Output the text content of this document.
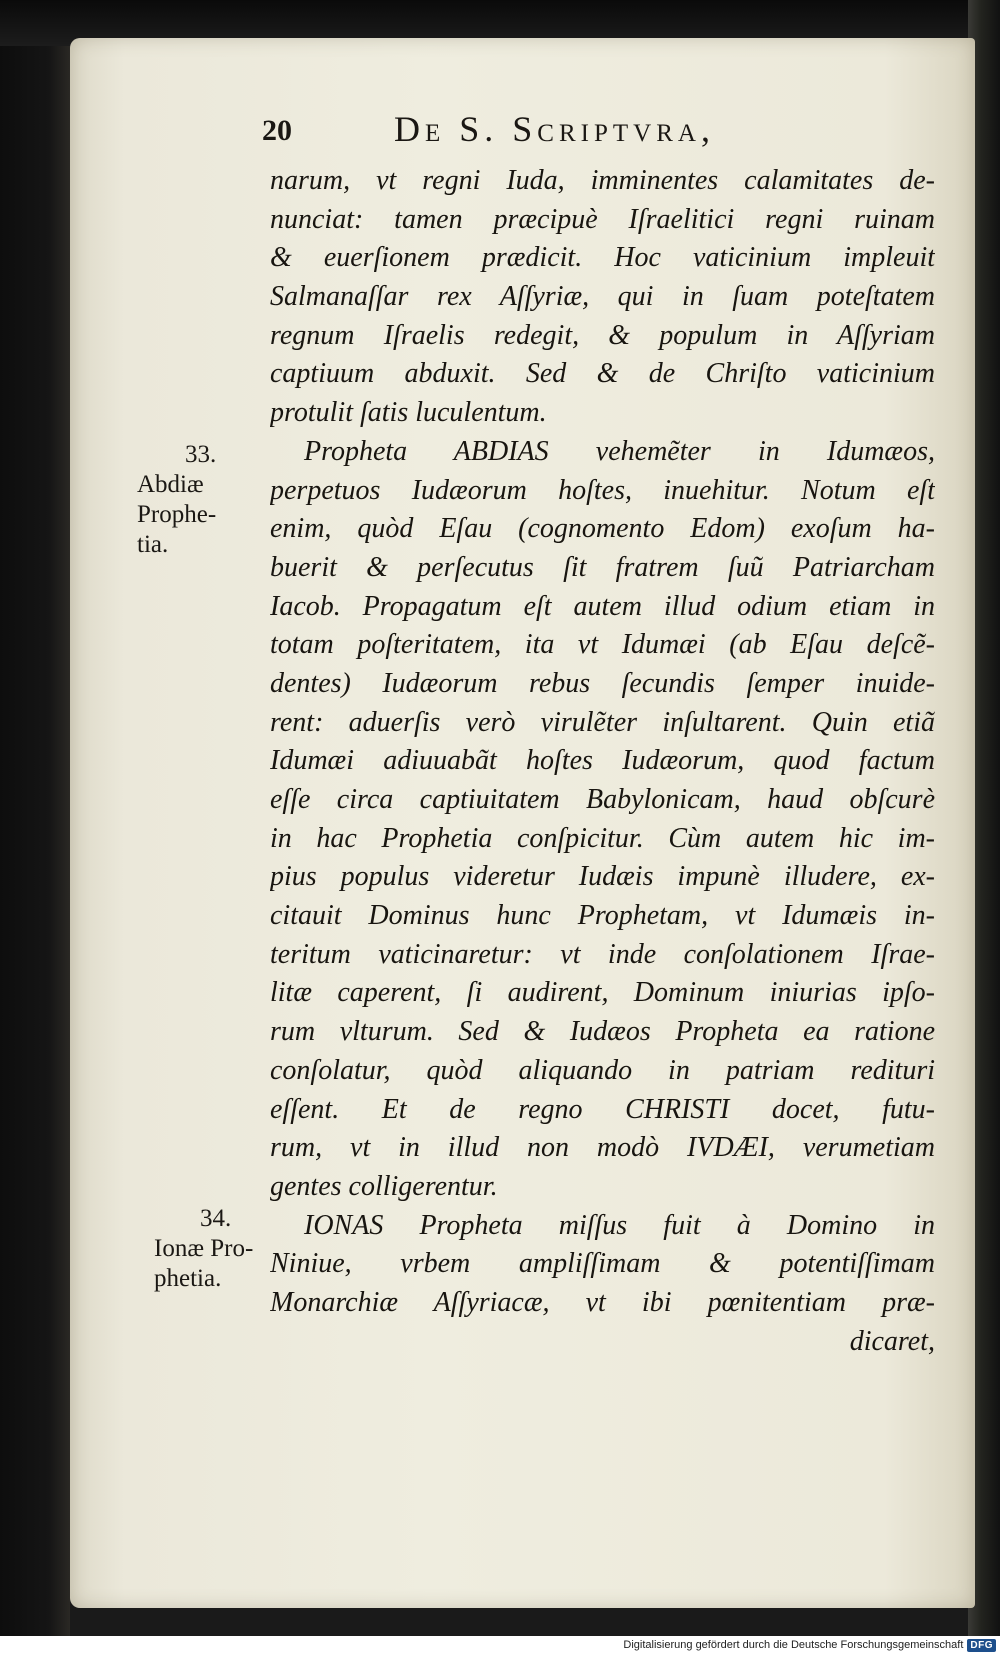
20	De S. Scriptvra,
narum, vt regni Iuda, imminentes calamitates de-
nunciat: tamen præcipuè Iſraelitici regni ruinam
& euerſionem prædicit. Hoc vaticinium impleuit
Salmanaſſar rex Aſſyriæ, qui in ſuam poteſtatem
regnum Iſraelis redegit, & populum in Aſſyriam
captiuum abduxit. Sed & de Chriſto vaticinium
protulit ſatis luculentum.
Propheta ABDIAS vehemẽter in Idumæos,
perpetuos Iudæorum hoſtes, inuehitur. Notum eſt
enim, quòd Eſau (cognomento Edom) exoſum ha-
buerit & perſecutus ſit fratrem ſuũ Patriarcham
Iacob. Propagatum eſt autem illud odium etiam in
totam poſteritatem, ita vt Idumæi (ab Eſau deſcẽ-
dentes) Iudæorum rebus ſecundis ſemper inuide-
rent: aduerſis verò virulẽter inſultarent. Quin etiã
Idumæi adiuuabãt hoſtes Iudæorum, quod factum
eſſe circa captiuitatem Babylonicam, haud obſcurè
in hac Prophetia conſpicitur. Cùm autem hic im-
pius populus videretur Iudæis impunè illudere, ex-
citauit Dominus hunc Prophetam, vt Idumæis in-
teritum vaticinaretur: vt inde conſolationem Iſrae-
litæ caperent, ſi audirent, Dominum iniurias ipſo-
rum vlturum. Sed & Iudæos Propheta ea ratione
conſolatur, quòd aliquando in patriam redituri
eſſent. Et de regno CHRISTI docet, futu-
rum, vt in illud non modò IVDÆI, verumetiam
gentes colligerentur.
IONAS Propheta miſſus fuit à Domino in
Niniue, vrbem ampliſſimam & potentiſſimam
Monarchiæ Aſſyriacæ, vt ibi pœnitentiam præ-
dicaret,
33.
Abdiæ
Prophe-
tia.
34.
Ionæ Pro-
phetia.
Digitalisierung gefördert durch die Deutsche Forschungsgemeinschaft DFG
